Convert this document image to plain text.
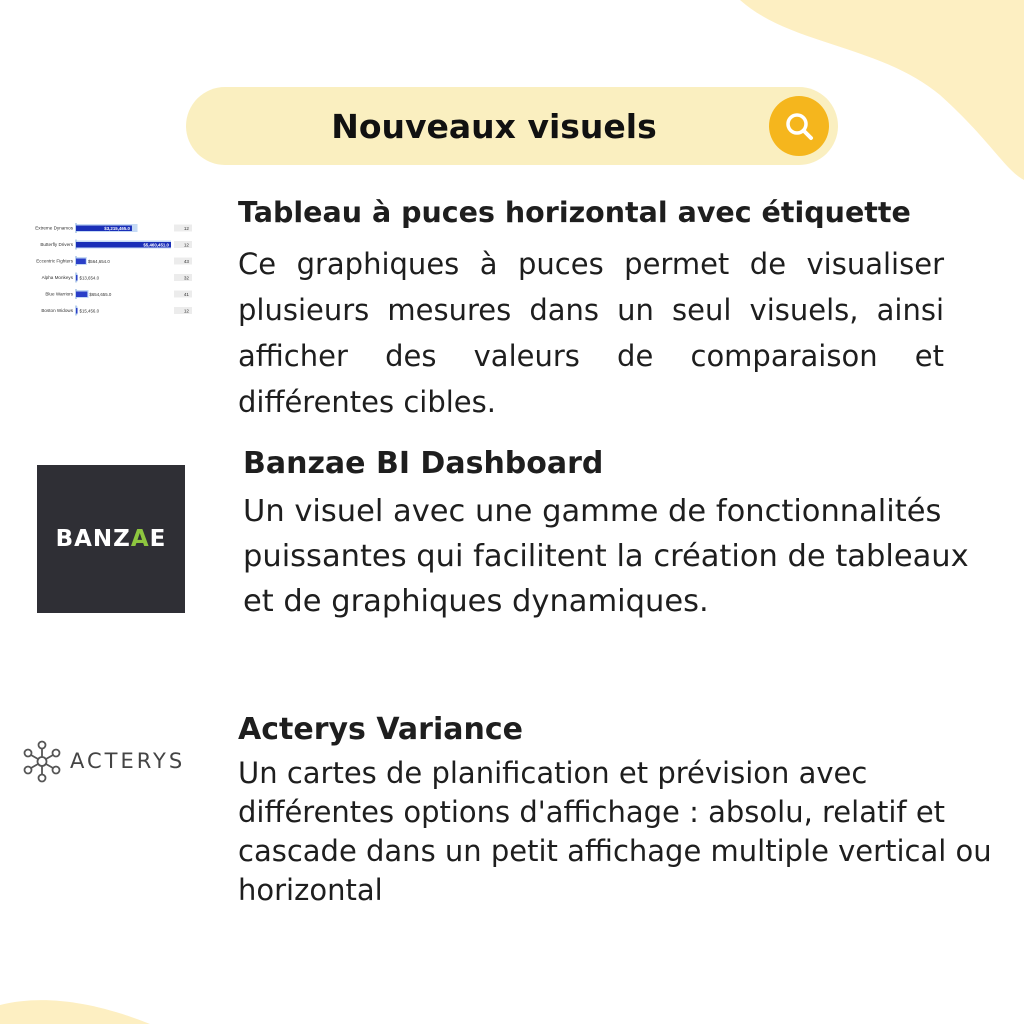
Nouveaux visuels
Extreme Dynamos	$3,215,465.0	12
Butterfly Drivers	$5,460,451.0	12
Eccentric Fighters	$564,654.0	43
Alpha Monkeys $13,654.0	32
Blue Warriors	$654,655.0	41
Boston Widows $15,456.0	12
Tableau à puces horizontal avec étiquette
Ce graphiques à puces permet de visualiser plusieurs mesures dans un seul visuels, ainsi afficher des valeurs de comparaison et différentes cibles.
BANZAE
Banzae BI Dashboard
Un visuel avec une gamme de fonctionnalités puissantes qui facilitent la création de tableaux et de graphiques dynamiques.
ACTERYS
Acterys Variance
Un cartes de planification et prévision avec différentes options d'affichage : absolu, relatif et cascade dans un petit affichage multiple vertical ou horizontal
